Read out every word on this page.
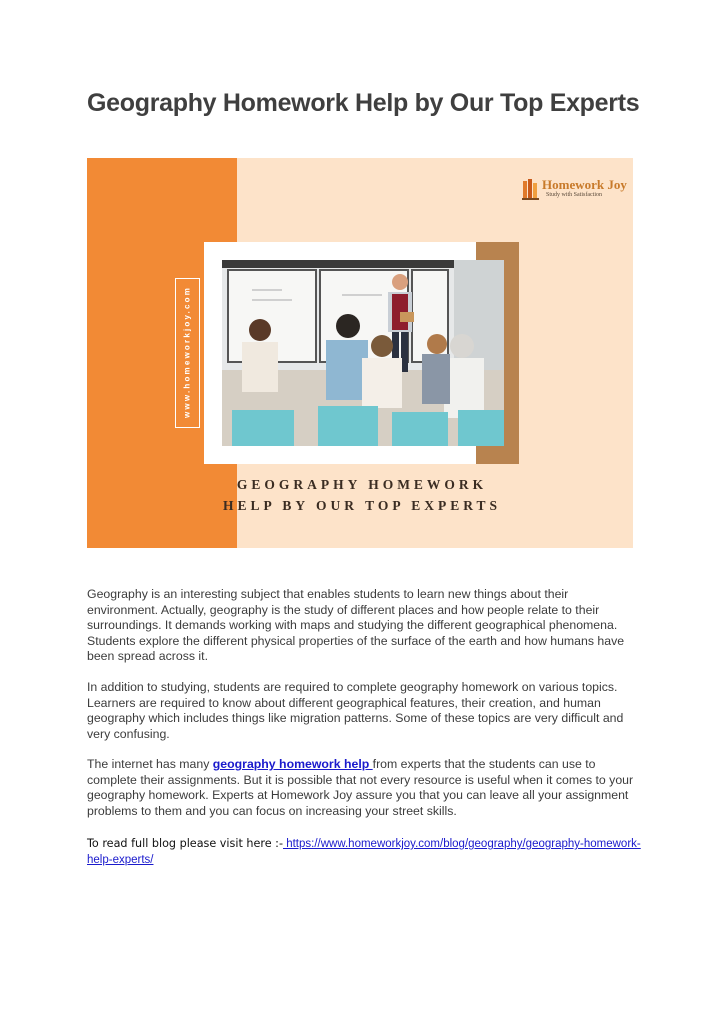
Geography Homework Help by Our Top Experts
Homework Joy
Study with Satisfaction
www.homeworkjoy.com
GEOGRAPHY HOMEWORK
HELP BY OUR TOP EXPERTS

Geography is an interesting subject that enables students to learn new things about their environment. Actually, geography is the study of different places and how people relate to their surroundings. It demands working with maps and studying the different geographical phenomena. Students explore the different physical properties of the surface of the earth and how humans have been spread across it.

In addition to studying, students are required to complete geography homework on various topics. Learners are required to know about different geographical features, their creation, and human geography which includes things like migration patterns. Some of these topics are very difficult and very confusing.

The internet has many geography homework help from experts that the students can use to complete their assignments. But it is possible that not every resource is useful when it comes to your geography homework. Experts at Homework Joy assure you that you can leave all your assignment problems to them and you can focus on increasing your street skills.

To read full blog please visit here :- https://www.homeworkjoy.com/blog/geography/geography-homework-help-experts/
